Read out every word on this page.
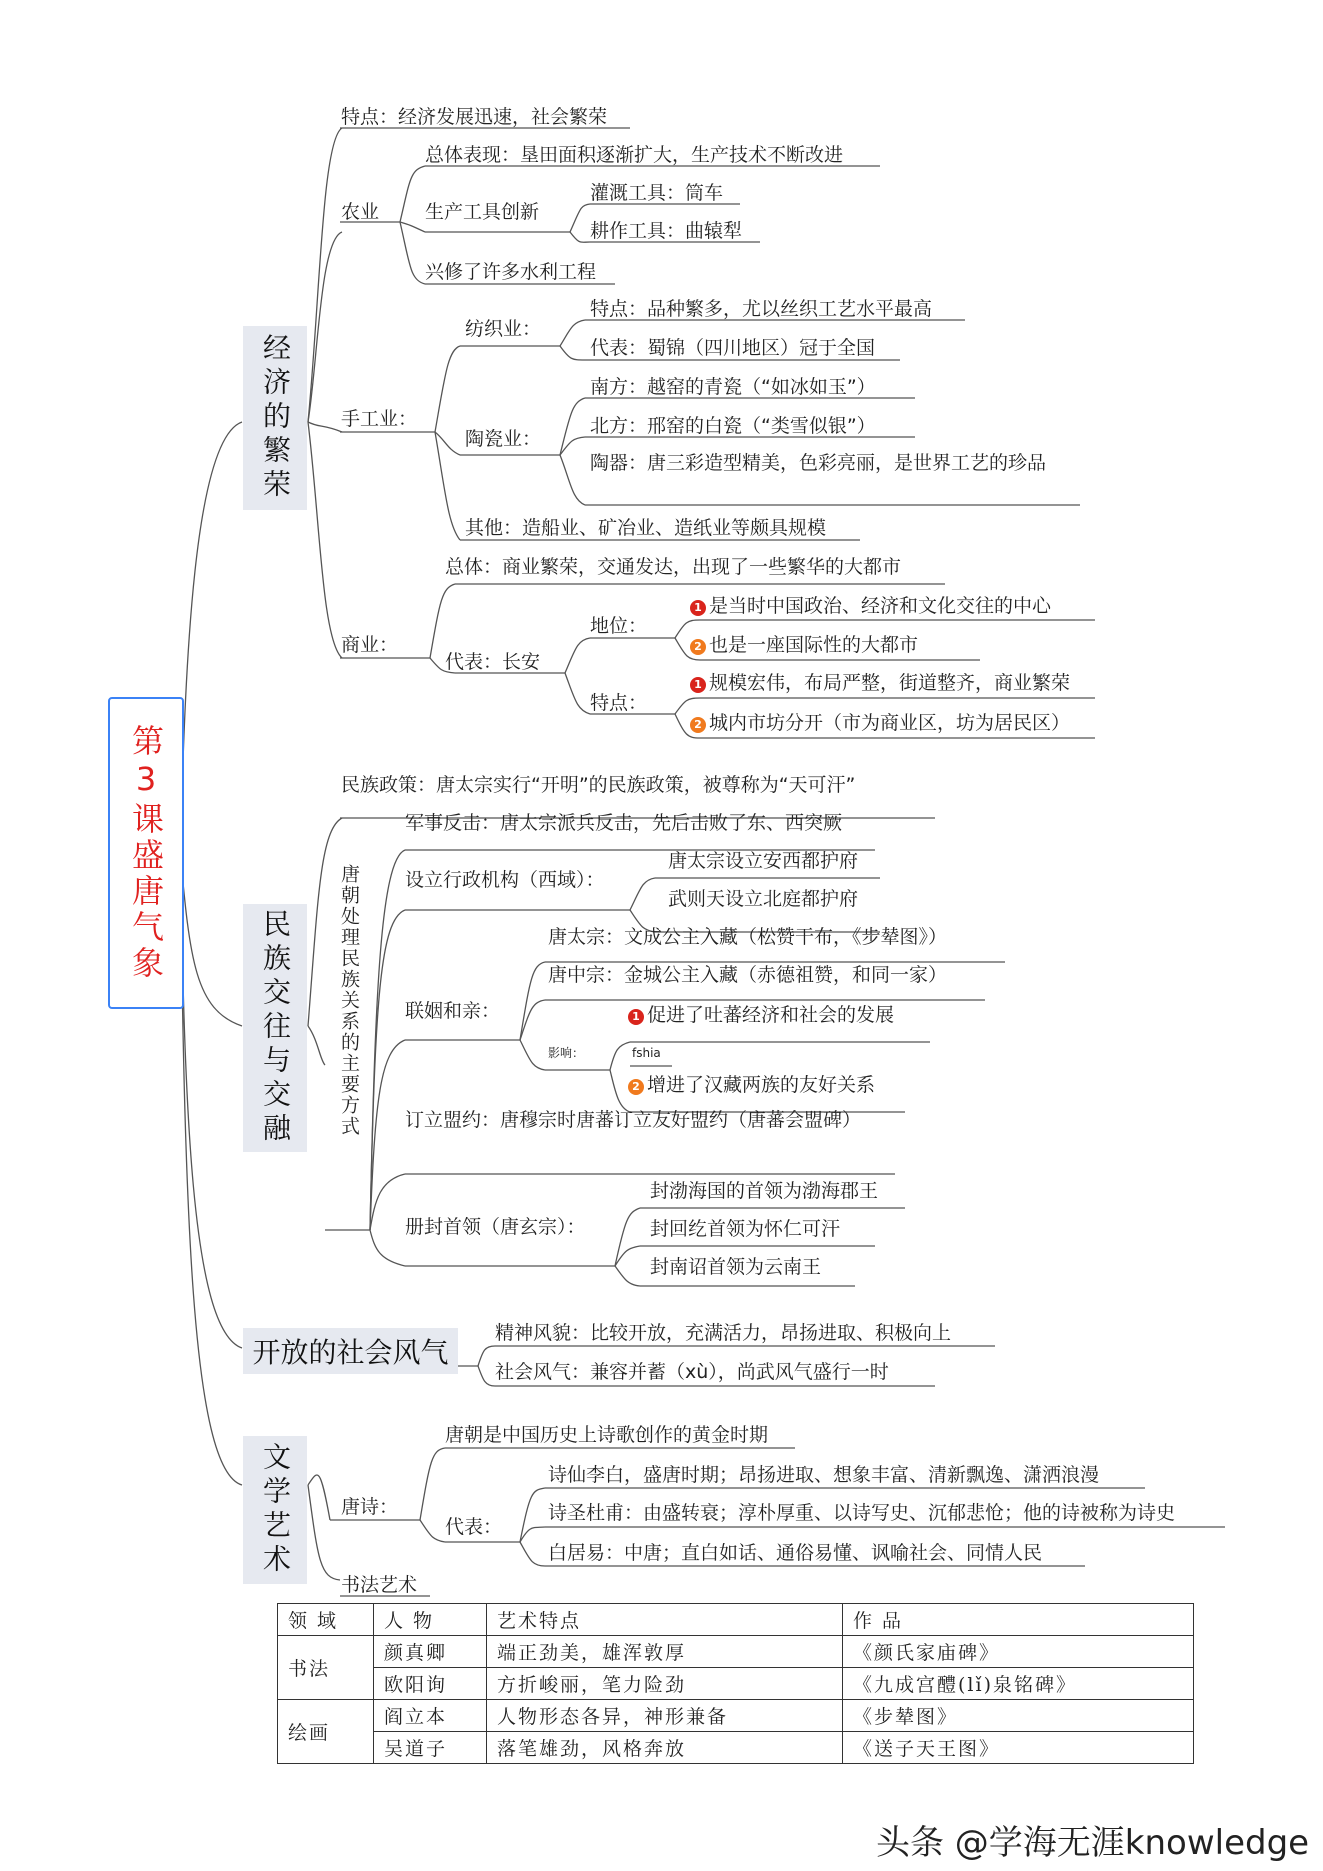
第3课盛唐气象
经济的繁荣
民族交往与交融
开放的社会风气
文学艺术
特点：经济发展迅速，社会繁荣
农业
总体表现：垦田面积逐渐扩大，生产技术不断改进
生产工具创新
灌溉工具：筒车
耕作工具：曲辕犁
兴修了许多水利工程
手工业：
纺织业：
特点：品种繁多，尤以丝织工艺水平最高
代表：蜀锦（四川地区）冠于全国
陶瓷业：
南方：越窑的青瓷（“如冰如玉”）
北方：邢窑的白瓷（“类雪似银”）
陶器：唐三彩造型精美，色彩亮丽，是世界工艺的珍品
其他：造船业、矿冶业、造纸业等颇具规模
商业：
总体：商业繁荣，交通发达，出现了一些繁华的大都市
代表：长安
地位：
1 是当时中国政治、经济和文化交往的中心
2 也是一座国际性的大都市
特点：
1 规模宏伟，布局严整，街道整齐，商业繁荣
2 城内市坊分开（市为商业区，坊为居民区）
民族政策：唐太宗实行“开明”的民族政策，被尊称为“天可汗”
唐朝处理民族关系的主要方式
军事反击：唐太宗派兵反击，先后击败了东、西突厥
设立行政机构（西域）：
唐太宗设立安西都护府
武则天设立北庭都护府
联姻和亲：
唐太宗：文成公主入藏（松赞干布，《步辇图》）
唐中宗：金城公主入藏（赤德祖赞，和同一家）
影响：	fshia
1 促进了吐蕃经济和社会的发展
2 增进了汉藏两族的友好关系
订立盟约：唐穆宗时唐蕃订立友好盟约（唐蕃会盟碑）
册封首领（唐玄宗）：
封渤海国的首领为渤海郡王
封回纥首领为怀仁可汗
封南诏首领为云南王
精神风貌：比较开放，充满活力，昂扬进取、积极向上
社会风气：兼容并蓄（xù），尚武风气盛行一时
唐诗：
唐朝是中国历史上诗歌创作的黄金时期
代表：
诗仙李白，盛唐时期；昂扬进取、想象丰富、清新飘逸、潇洒浪漫
诗圣杜甫：由盛转衰；淳朴厚重、以诗写史、沉郁悲怆；他的诗被称为诗史
白居易：中唐；直白如话、通俗易懂、讽喻社会、同情人民
书法艺术
领 域	人 物	艺术特点	作 品
书法	颜真卿	端正劲美，雄浑敦厚	《颜氏家庙碑》
	欧阳询	方折峻丽，笔力险劲	《九成宫醴(lǐ)泉铭碑》
绘画	阎立本	人物形态各异，神形兼备	《步辇图》
	吴道子	落笔雄劲，风格奔放	《送子天王图》
头条 @学海无涯knowledge
